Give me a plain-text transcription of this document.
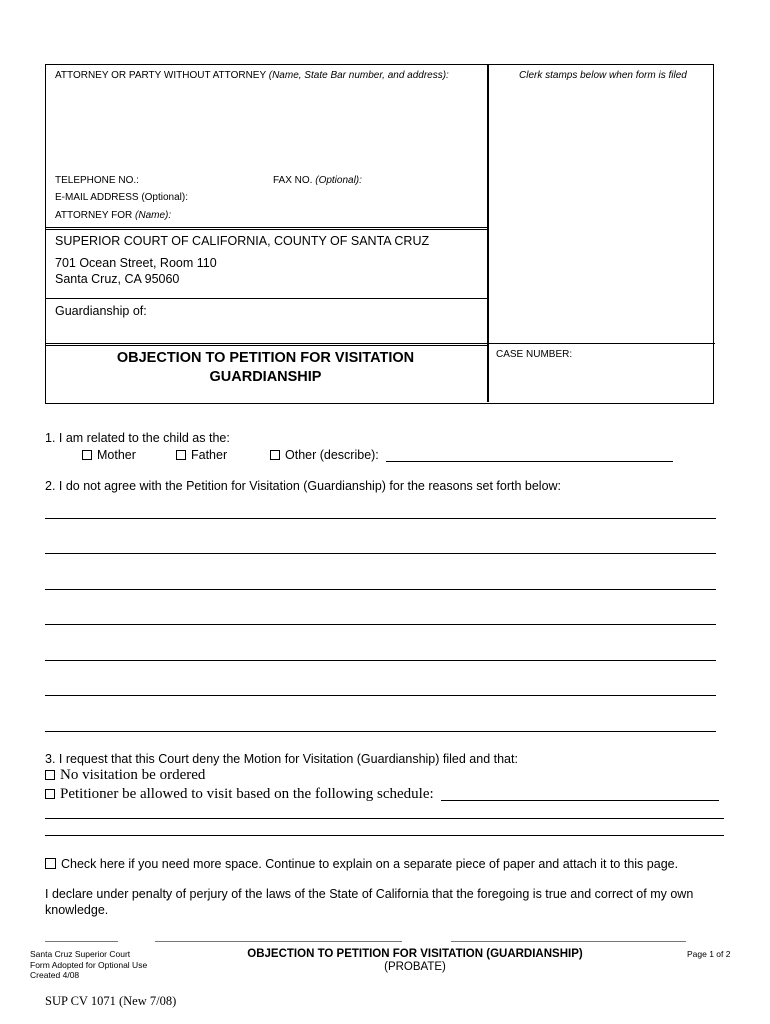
ATTORNEY OR PARTY WITHOUT ATTORNEY (Name, State Bar number, and address):	Clerk stamps below when form is filed
TELEPHONE NO.:	FAX NO. (Optional):
E-MAIL ADDRESS (Optional):
ATTORNEY FOR (Name):
SUPERIOR COURT OF CALIFORNIA, COUNTY OF SANTA CRUZ
701 Ocean Street, Room 110
Santa Cruz, CA 95060
Guardianship of:
OBJECTION TO PETITION FOR VISITATION
GUARDIANSHIP
CASE NUMBER:
1. I am related to the child as the:
Mother	Father	Other (describe):
2. I do not agree with the Petition for Visitation (Guardianship) for the reasons set forth below:
3. I request that this Court deny the Motion for Visitation (Guardianship) filed and that:
No visitation be ordered
Petitioner be allowed to visit based on the following schedule:
Check here if you need more space. Continue to explain on a separate piece of paper and attach it to this page.
I declare under penalty of perjury of the laws of the State of California that the foregoing is true and correct of my own knowledge.
Santa Cruz Superior Court
Form Adopted for Optional Use
Created 4/08
OBJECTION TO PETITION FOR VISITATION (GUARDIANSHIP)
(PROBATE)
Page 1 of 2
SUP CV 1071 (New 7/08)
